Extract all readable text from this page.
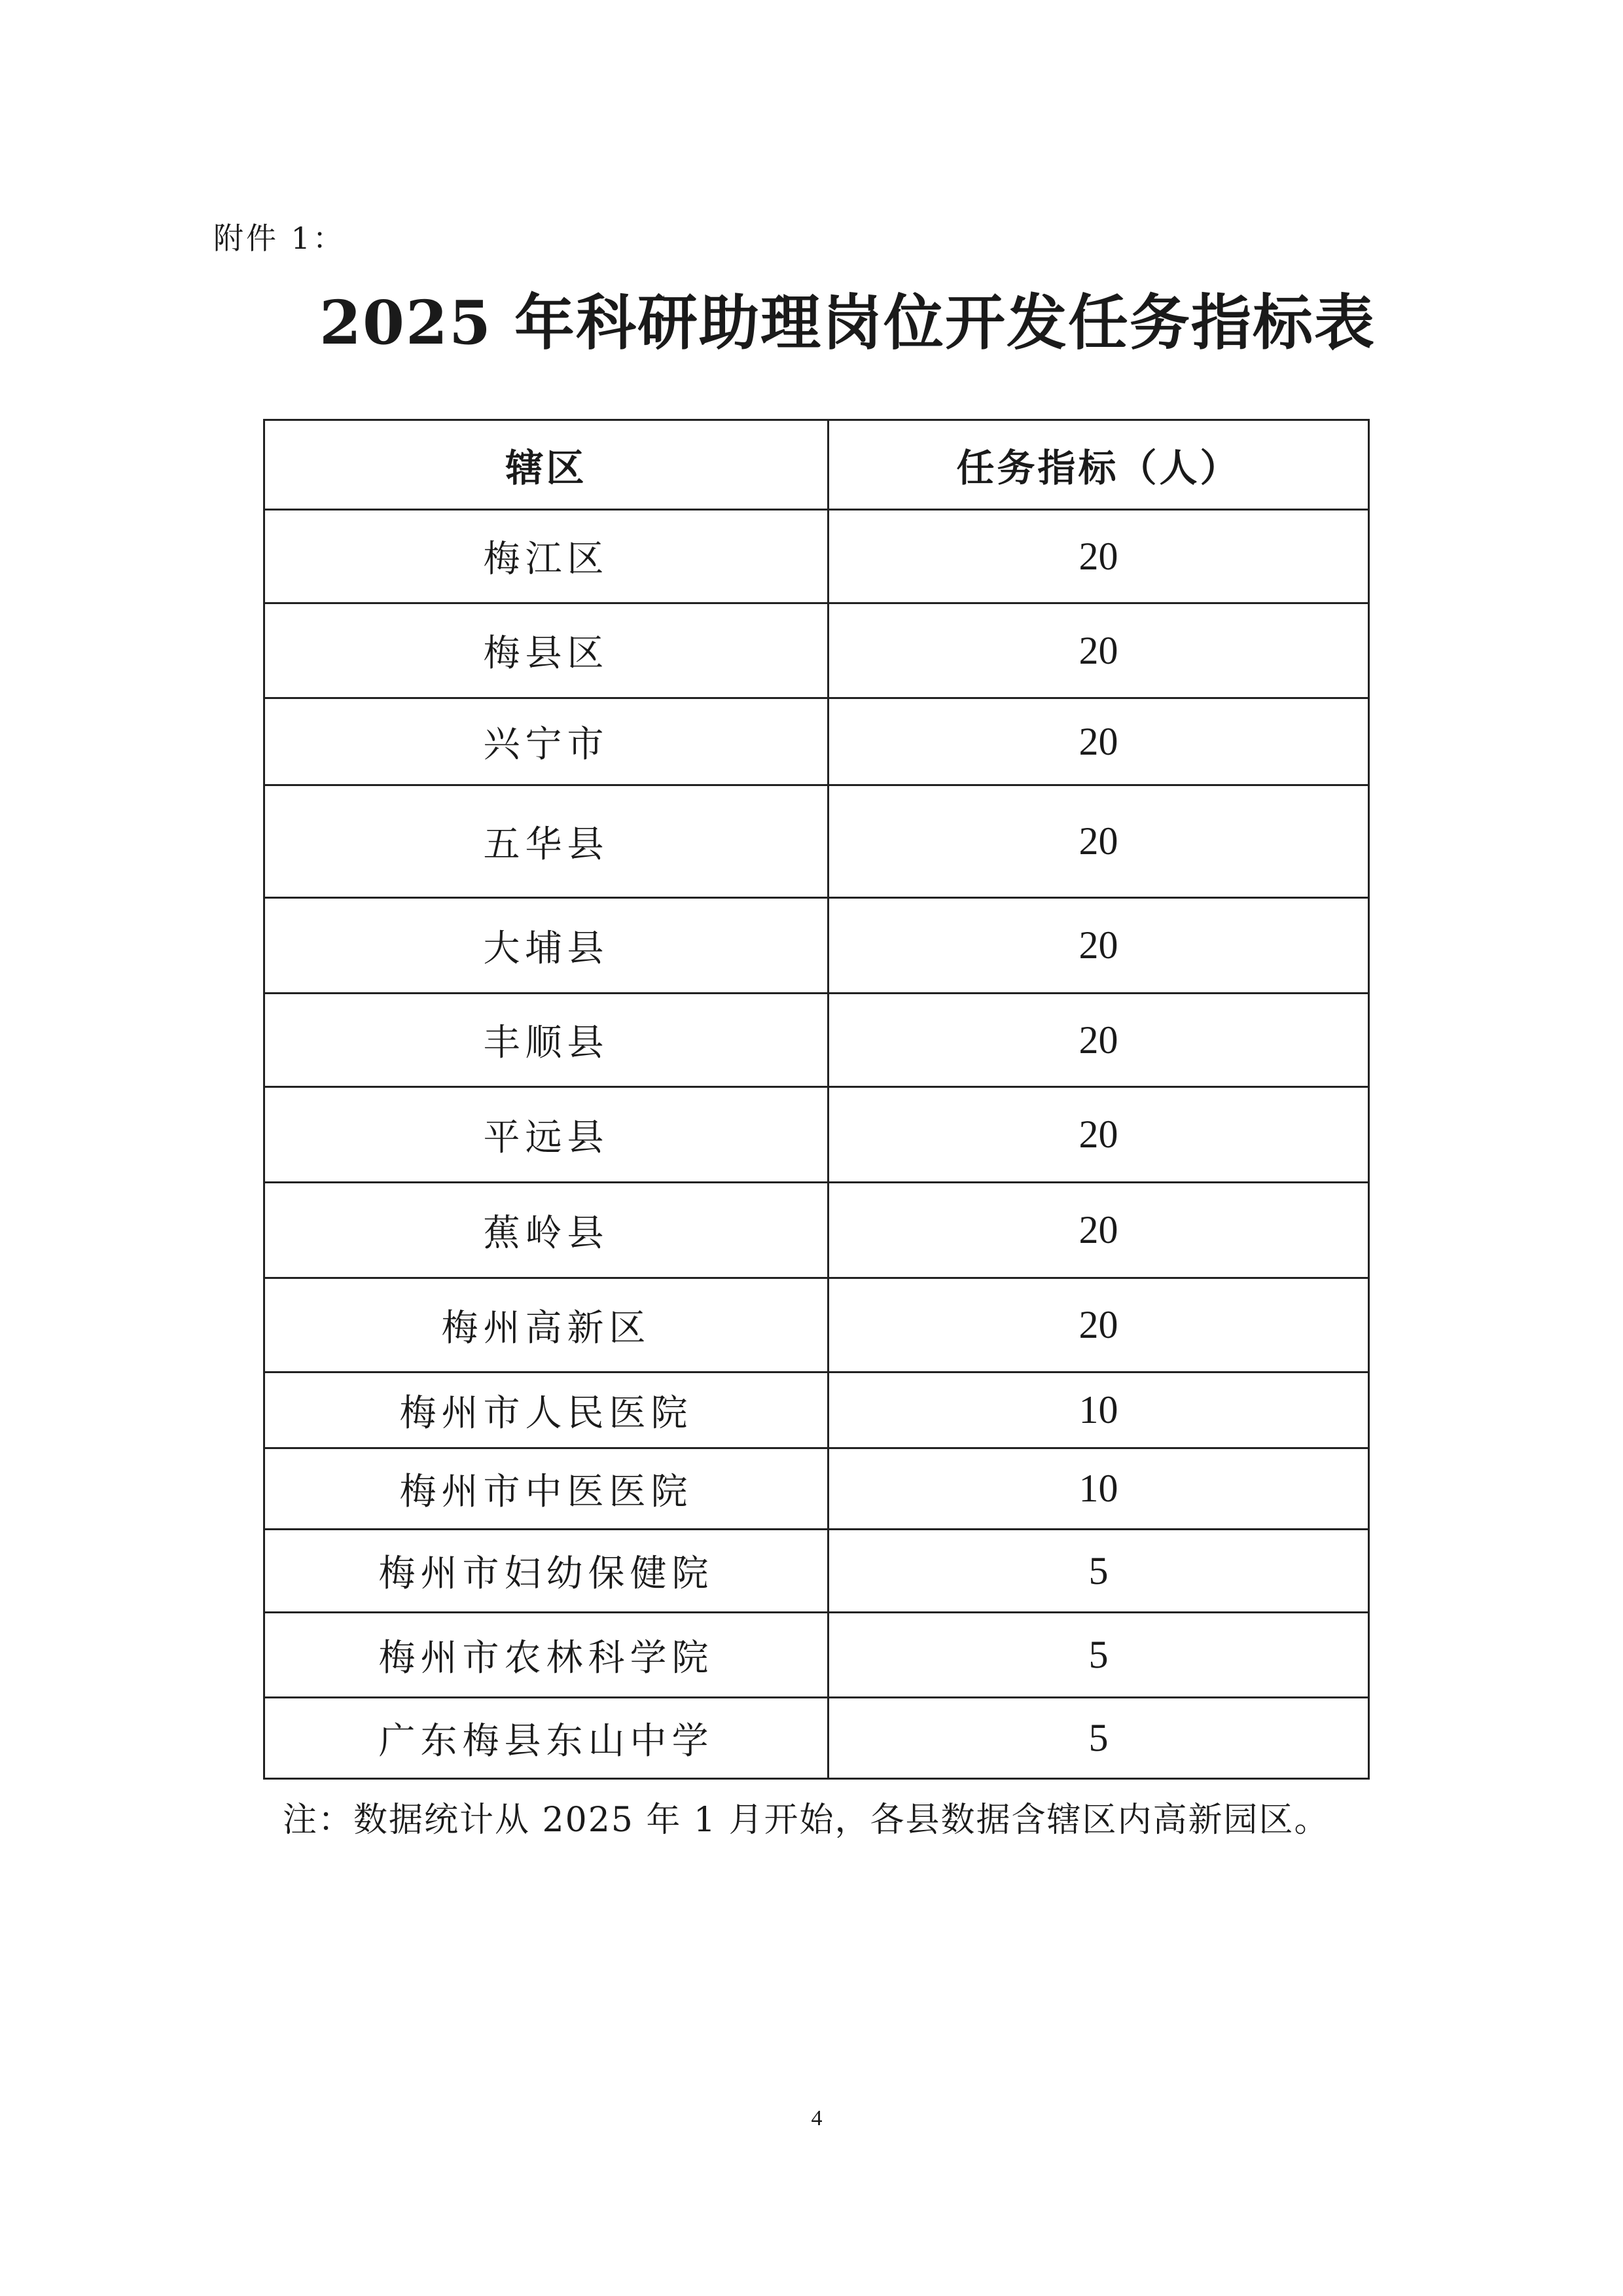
附件 1：
2025 年科研助理岗位开发任务指标表
辖区	任务指标（人）
梅江区	20
梅县区	20
兴宁市	20
五华县	20
大埔县	20
丰顺县	20
平远县	20
蕉岭县	20
梅州高新区	20
梅州市人民医院	10
梅州市中医医院	10
梅州市妇幼保健院	5
梅州市农林科学院	5
广东梅县东山中学	5
注：数据统计从 2025 年 1 月开始，各县数据含辖区内高新园区。
4
